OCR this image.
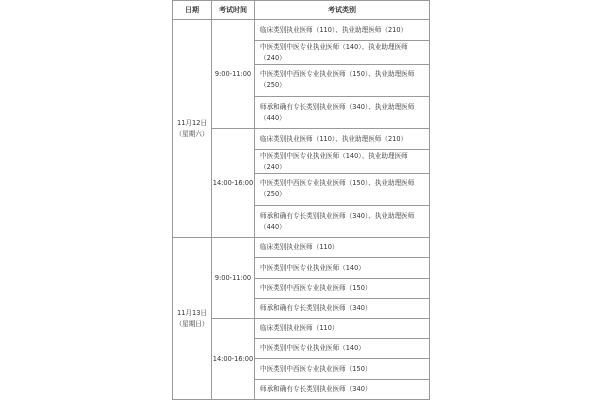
日期	考试时间	考试类别
11月12日（星期六）	9:00-11:00	临床类别执业医师（110）、执业助理医师（210）
		中医类别中医专业执业医师（140）、执业助理医师（240）
		中医类别中西医专业执业医师（150）、执业助理医师（250）
		师承和确有专长类别执业医师（340）、执业助理医师（440）
	14:00-16:00	临床类别执业医师（110）、执业助理医师（210）
		中医类别中医专业执业医师（140）、执业助理医师（240）
		中医类别中西医专业执业医师（150）、执业助理医师（250）
		师承和确有专长类别执业医师（340）、执业助理医师（440）
11月13日（星期日）	9:00-11:00	临床类别执业医师（110）
		中医类别中医专业执业医师（140）
		中医类别中西医专业执业医师（150）
		师承和确有专长类别执业医师（340）
	14:00-16:00	临床类别执业医师（110）
		中医类别中医专业执业医师（140）
		中医类别中西医专业执业医师（150）
		师承和确有专长类别执业医师（340）
